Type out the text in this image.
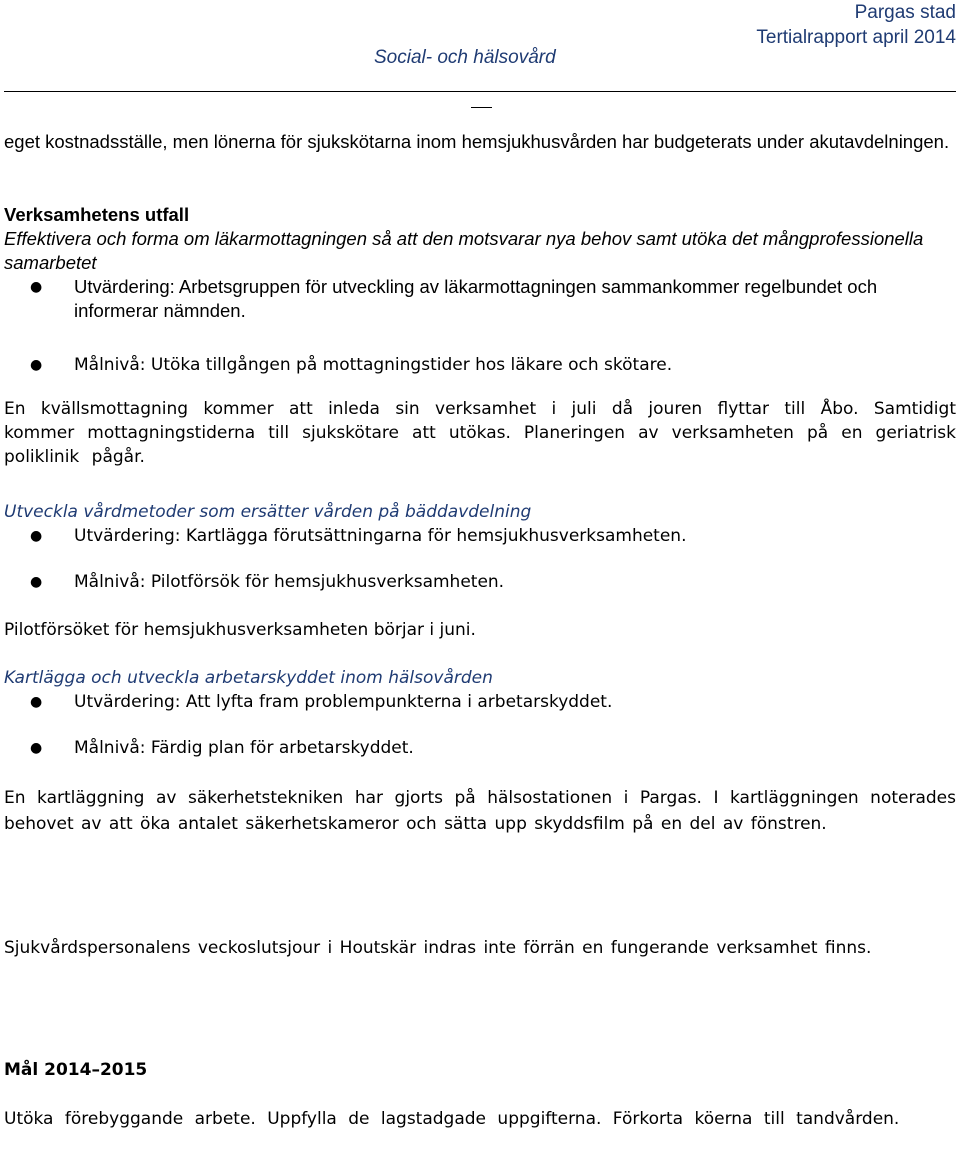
Pargas stad
Tertialrapport april 2014
Social- och hälsovård

eget kostnadsställe, men lönerna för sjukskötarna inom hemsjukhusvården har budgeterats under akutavdelningen.

Verksamhetens utfall

Effektivera och forma om läkarmottagningen så att den motsvarar nya behov samt utöka det mångprofessionella samarbetet

● Utvärdering: Arbetsgruppen för utveckling av läkarmottagningen sammankommer regelbundet och informerar nämnden.
● Målnivå: Utöka tillgången på mottagningstider hos läkare och skötare.

En kvällsmottagning kommer att inleda sin verksamhet i juli då jouren flyttar till Åbo. Samtidigt kommer mottagningstiderna till sjukskötare att utökas. Planeringen av verksamheten på en geriatrisk poliklinik pågår.

Utveckla vårdmetoder som ersätter vården på bäddavdelning

● Utvärdering: Kartlägga förutsättningarna för hemsjukhusverksamheten.
● Målnivå: Pilotförsök för hemsjukhusverksamheten.

Pilotförsöket för hemsjukhusverksamheten börjar i juni.

Kartlägga och utveckla arbetarskyddet inom hälsovården

● Utvärdering: Att lyfta fram problempunkterna i arbetarskyddet.
● Målnivå: Färdig plan för arbetarskyddet.

En kartläggning av säkerhetstekniken har gjorts på hälsostationen i Pargas. I kartläggningen noterades behovet av att öka antalet säkerhetskameror och sätta upp skyddsfilm på en del av fönstren.

Sjukvårdspersonalens veckoslutsjour i Houtskär indras inte förrän en fungerande verksamhet finns.

Mål 2014–2015

Utöka förebyggande arbete. Uppfylla de lagstadgade uppgifterna. Förkorta köerna till tandvården.
